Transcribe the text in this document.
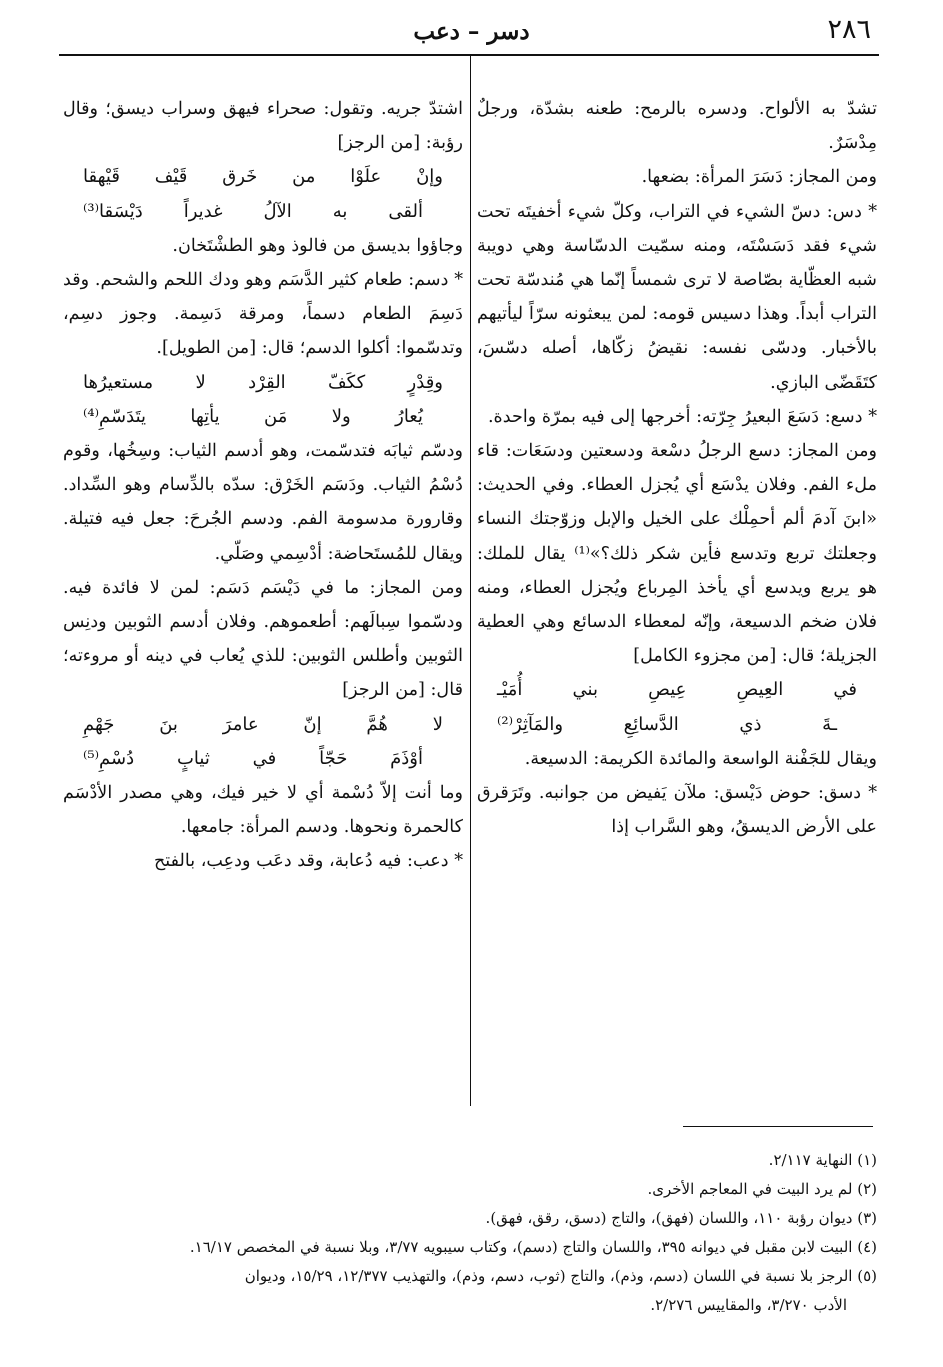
٢٨٦
دسر – دعب

تشدّ به الألواح. ودسره بالرمح: طعنه بشدّة، ورجلٌ مِدْسَرٌ.

ومن المجاز: دَسَرَ المرأة: بضعها.

* دس: دسّ الشيء في التراب، وكلّ شيء أخفيتَه تحت شيء فقد دَسَسْتَه، ومنه سمّيت الدسّاسة وهي دويبة شبه العظّاية بصّاصة لا ترى شمساً إنّما هي مُندسّة تحت التراب أبداً. وهذا دسيس قومه: لمن يبعثونه سرّاً ليأتيهم بالأخبار. ودسّى نفسه: نقيضُ زكّاها، أصله دسّسَ، كتَقَضّى البازي.

* دسع: دَسَعَ البعيرُ جِرّته: أخرجها إلى فيه بمرّة واحدة.

ومن المجاز: دسع الرجلُ دسْعة ودسعتين ودسَعَات: قاء ملء الفم. وفلان يدْسَع أي يُجزل العطاء. وفي الحديث: «ابنَ آدمَ ألم أحمِلْك على الخيل والإبل وزوّجتك النساء وجعلتك تربع وتدسع فأين شكر ذلك؟»⁽¹⁾ يقال للملك: هو يربع ويدسع أي يأخذ المِرباع ويُجزل العطاء، ومنه فلان ضخم الدسيعة، وإنّه لمعطاء الدسائع وهي العطية الجزيلة؛ قال: [من مجزوء الكامل]

في العِيصِ عِيصِ بني أُمَيْـ
ـةَ ذي الدَّسائِعِ والمَآثِرْ⁽²⁾

ويقال للجَفْنة الواسعة والمائدة الكريمة: الدسيعة.

* دسق: حوض دَيْسق: ملآن يَفيض من جوانبه. وتَرَقرق على الأرض الديسقُ، وهو السَّراب إذا

اشتدّ جريه. وتقول: صحراء فيهق وسراب ديسق؛ وقال رؤبة: [من الرجز]

وإنْ علَوْا من خَرق قَيْف قَيْهقا
ألقى به الآلُ غديراً دَيْسَقا⁽³⁾

وجاؤوا بديسق من فالوذ وهو الطشْتَخان.

* دسم: طعام كثير الدَّسَم وهو ودك اللحم والشحم. وقد دَسِمَ الطعام دسماً، ومرقة دَسِمة. وجوز دسِم، وتدسّموا: أكلوا الدسم؛ قال: [من الطويل].

وقِدْرٍ ككَفّ القِرْد لا مستعيرُها
يُعارُ ولا مَن يأتِها يتَدَسّمِ⁽⁴⁾

ودسّم ثيابَه فتدسّمت، وهو أدسم الثياب: وسِخُها، وقوم دُسْمُ الثياب. ودَسَم الخَرْق: سدّه بالدِّسام وهو السِّداد. وقارورة مدسومة الفم. ودسم الجُرحَ: جعل فيه فتيلة. ويقال للمُستَحاضة: أدْسِمي وصَلّي.

ومن المجاز: ما في دَيْسَم دَسَم: لمن لا فائدة فيه. ودسّموا سِبالَهم: أطعموهم. وفلان أدسم الثوبين ودنِس الثوبين وأطلس الثوبين: للذي يُعاب في دينه أو مروءته؛ قال: [من الرجز]

لا هُمَّ إنّ عامرَ بنَ جَهْمِ
أوْذَمَ حَجّاً في ثيابٍ دُسْمِ⁽⁵⁾

وما أنت إلاّ دُسْمة أي لا خير فيك، وهي مصدر الأدْسَم كالحمرة ونحوها. ودسم المرأة: جامعها.

* دعب: فيه دُعابة، وقد دعَب ودعِب، بالفتح

(١) النهاية ٢/١١٧.

(٢) لم يرد البيت في المعاجم الأخرى.

(٣) ديوان رؤبة ١١٠، واللسان (فهق)، والتاج (دسق، رقق، فهق).

(٤) البيت لابن مقبل في ديوانه ٣٩٥، واللسان والتاج (دسم)، وكتاب سيبويه ٣/٧٧، وبلا نسبة في المخصص ١٦/١٧.

(٥) الرجز بلا نسبة في اللسان (دسم، وذم)، والتاج (ثوب، دسم، وذم)، والتهذيب ١٢/٣٧٧، ١٥/٢٩، وديوان

الأدب ٣/٢٧٠، والمقاييس ٢/٢٧٦.
